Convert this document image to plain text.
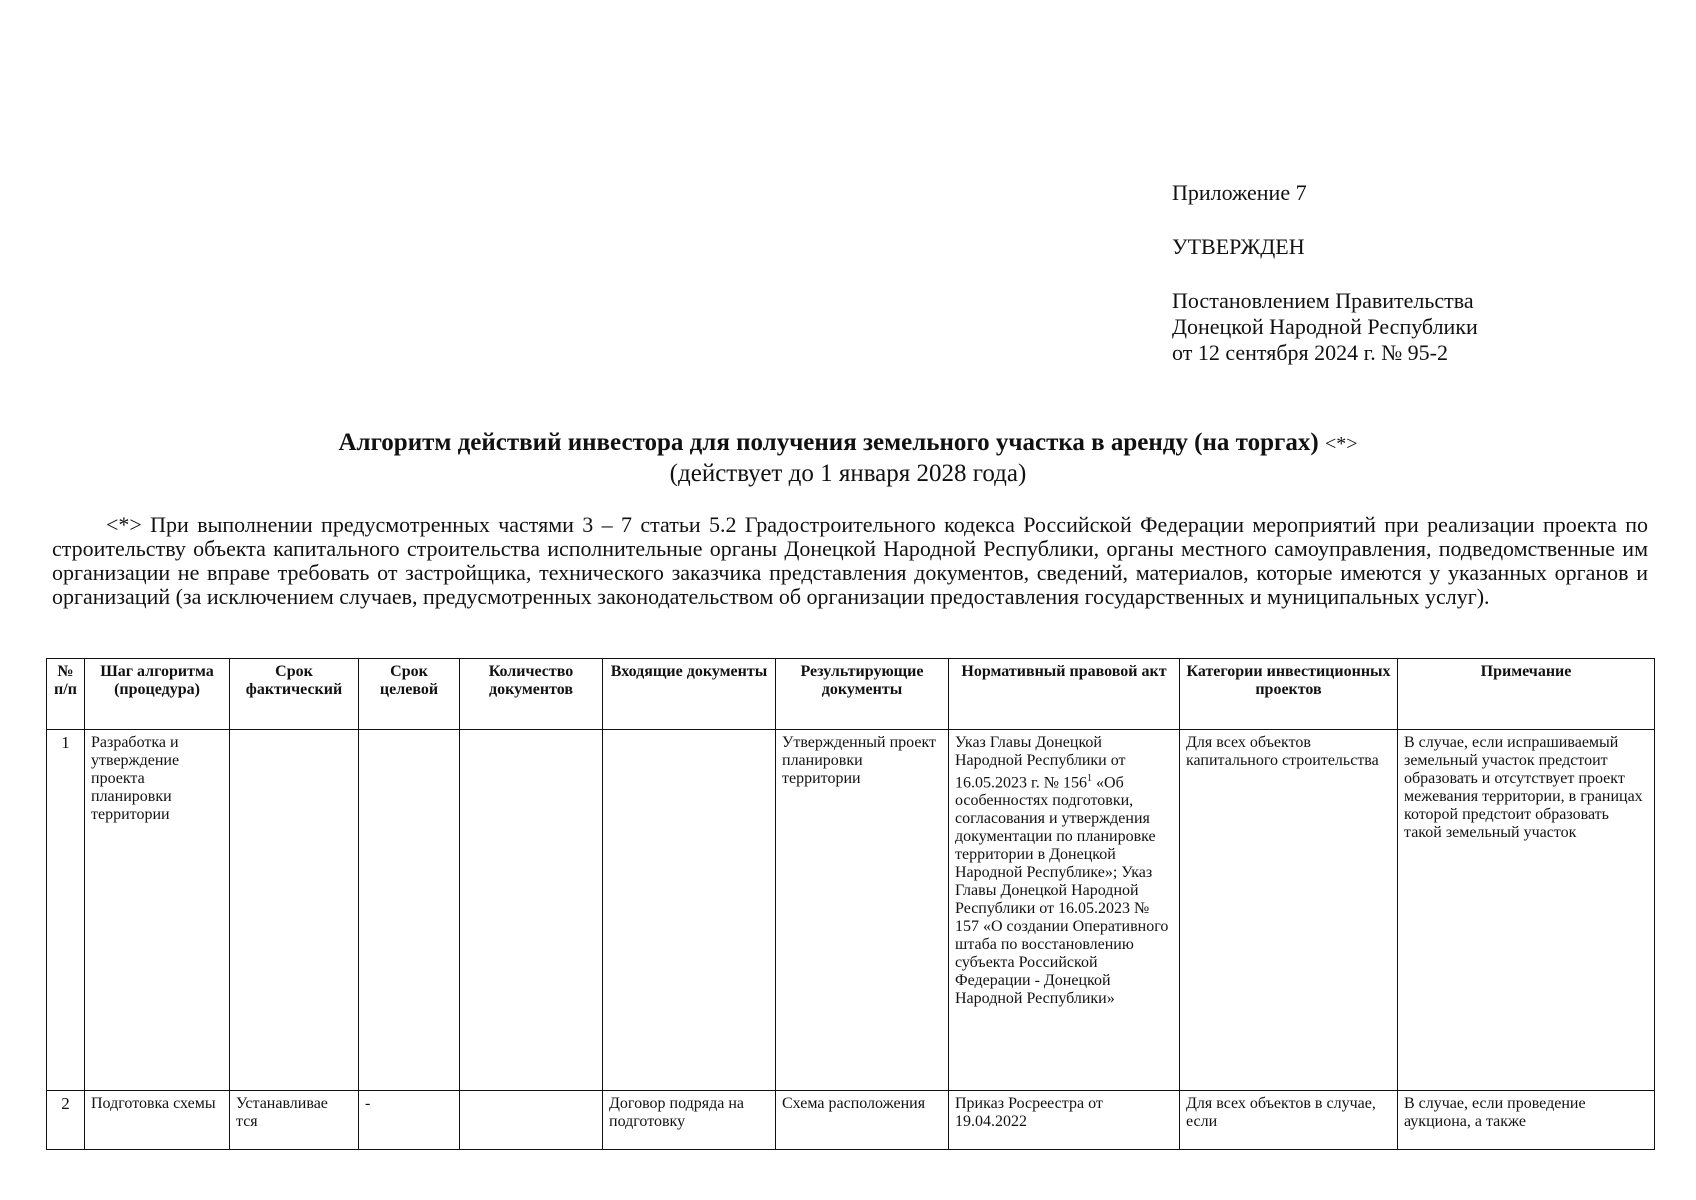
Приложение 7
УТВЕРЖДЕН
Постановлением Правительства
Донецкой Народной Республики
от 12 сентября 2024 г. № 95-2
Алгоритм действий инвестора для получения земельного участка в аренду (на торгах) <*>
(действует до 1 января 2028 года)
<*> При выполнении предусмотренных частями 3 – 7 статьи 5.2 Градостроительного кодекса Российской Федерации мероприятий при реализации проекта по строительству объекта капитального строительства исполнительные органы Донецкой Народной Республики, органы местного самоуправления, подведомственные им организации не вправе требовать от застройщика, технического заказчика представления документов, сведений, материалов, которые имеются у указанных органов и организаций (за исключением случаев, предусмотренных законодательством об организации предоставления государственных и муниципальных услуг).
№ п/п	Шаг алгоритма (процедура)	Срок фактический	Срок целевой	Количество документов	Входящие документы	Результирующие документы	Нормативный правовой акт	Категории инвестиционных проектов	Примечание
1	Разработка и утверждение проекта планировки территории					Утвержденный проект планировки территории	Указ Главы Донецкой Народной Республики от 16.05.2023 г. № 156$^1$ «Об особенностях подготовки, согласования и утверждения документации по планировке территории в Донецкой Народной Республике»; Указ Главы Донецкой Народной Республики от 16.05.2023 № 157 «О создании Оперативного штаба по восстановлению субъекта Российской Федерации - Донецкой Народной Республики»	Для всех объектов капитального строительства	В случае, если испрашиваемый земельный участок предстоит образовать и отсутствует проект межевания территории, в границах которой предстоит образовать такой земельный участок
2	Подготовка схемы	Устанавливае тся	-		Договор подряда на подготовку	Схема расположения	Приказ Росреестра от 19.04.2022	Для всех объектов в случае, если	В случае, если проведение аукциона, а также
